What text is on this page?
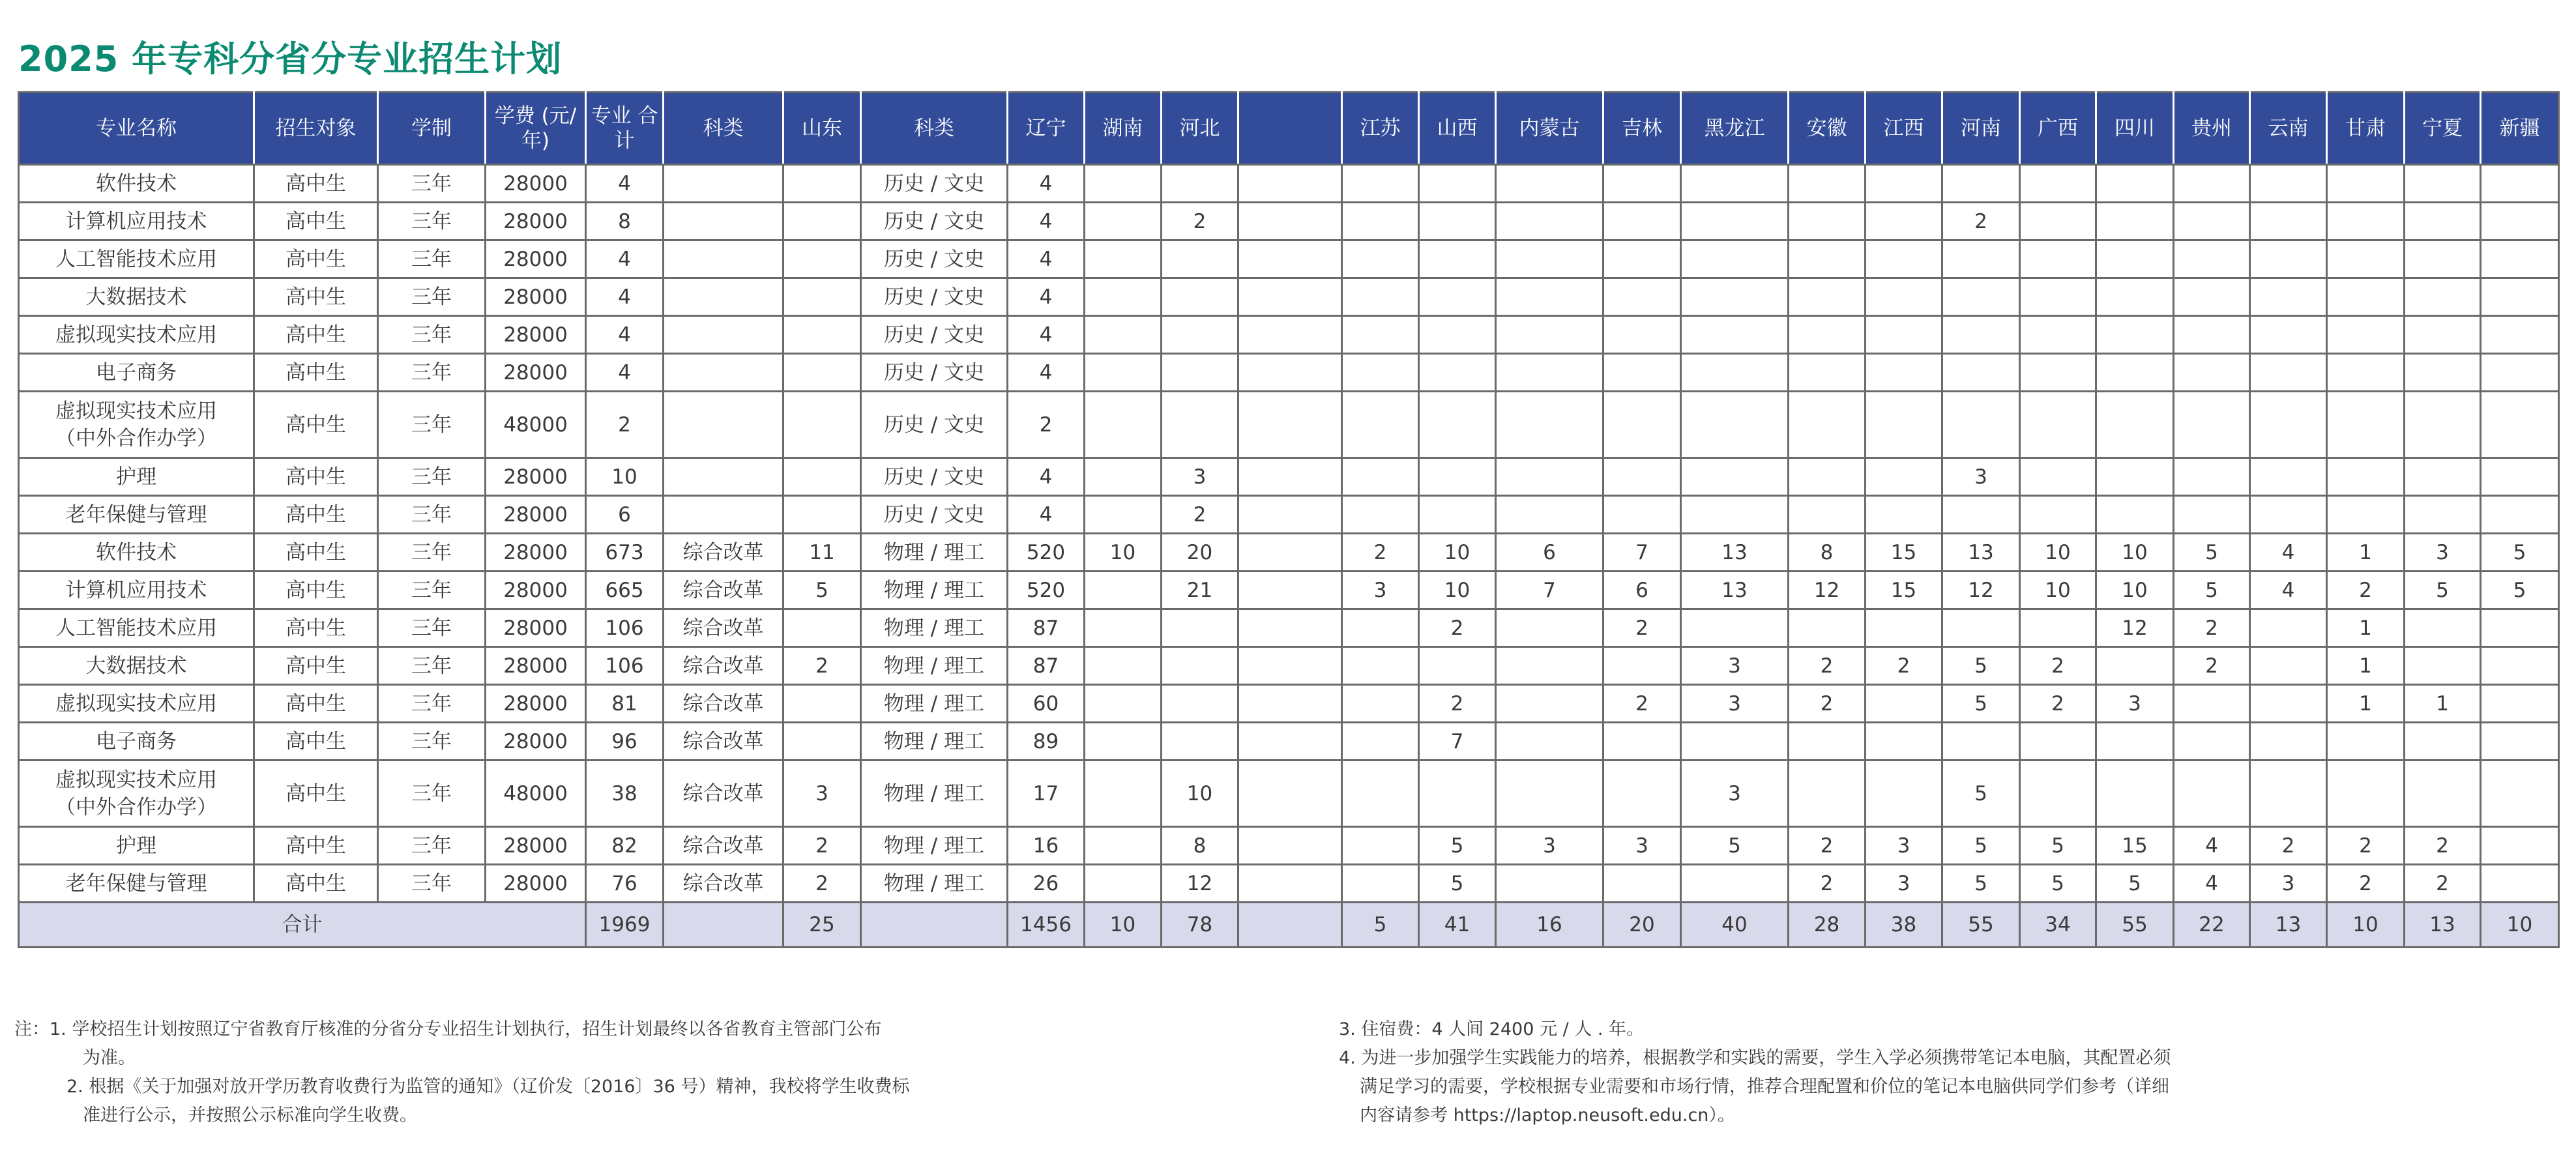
2025 年专科分省分专业招生计划
专业名称	招生对象	学制	学费 (元/年)	专业 合计	科类	山东	科类	辽宁	湖南	河北		江苏	山西	内蒙古	吉林	黑龙江	安徽	江西	河南	广西	四川	贵州	云南	甘肃	宁夏	新疆
软件技术	高中生	三年	28000	4			历史 / 文史	4																		
计算机应用技术	高中生	三年	28000	8			历史 / 文史	4		2									2							
人工智能技术应用	高中生	三年	28000	4			历史 / 文史	4																		
大数据技术	高中生	三年	28000	4			历史 / 文史	4																		
虚拟现实技术应用	高中生	三年	28000	4			历史 / 文史	4																		
电子商务	高中生	三年	28000	4			历史 / 文史	4																		
虚拟现实技术应用
（中外合作办学）	高中生	三年	48000	2			历史 / 文史	2																		
护理	高中生	三年	28000	10			历史 / 文史	4		3									3							
老年保健与管理	高中生	三年	28000	6			历史 / 文史	4		2																
软件技术	高中生	三年	28000	673	综合改革	11	物理 / 理工	520	10	20		2	10	6	7	13	8	15	13	10	10	5	4	1	3	5
计算机应用技术	高中生	三年	28000	665	综合改革	5	物理 / 理工	520		21		3	10	7	6	13	12	15	12	10	10	5	4	2	5	5
人工智能技术应用	高中生	三年	28000	106	综合改革		物理 / 理工	87					2		2						12	2		1		
大数据技术	高中生	三年	28000	106	综合改革	2	物理 / 理工	87								3	2	2	5	2		2		1		
虚拟现实技术应用	高中生	三年	28000	81	综合改革		物理 / 理工	60					2		2	3	2		5	2	3			1	1	
电子商务	高中生	三年	28000	96	综合改革		物理 / 理工	89					7													
虚拟现实技术应用
（中外合作办学）	高中生	三年	48000	38	综合改革	3	物理 / 理工	17		10						3			5							
护理	高中生	三年	28000	82	综合改革	2	物理 / 理工	16		8			5	3	3	5	2	3	5	5	15	4	2	2	2	
老年保健与管理	高中生	三年	28000	76	综合改革	2	物理 / 理工	26		12			5				2	3	5	5	5	4	3	2	2	
合计				1969		25		1456	10	78		5	41	16	20	40	28	38	55	34	55	22	13	10	13	10
注：1. 学校招生计划按照辽宁省教育厅核准的分省分专业招生计划执行，招生计划最终以各省教育主管部门公布
为准。
2. 根据《关于加强对放开学历教育收费行为监管的通知》（辽价发〔2016〕36 号）精神，我校将学生收费标
准进行公示，并按照公示标准向学生收费。
3. 住宿费：4 人间 2400 元 / 人 . 年。
4. 为进一步加强学生实践能力的培养，根据教学和实践的需要，学生入学必须携带笔记本电脑，其配置必须
满足学习的需要，学校根据专业需要和市场行情，推荐合理配置和价位的笔记本电脑供同学们参考（详细
内容请参考 https://laptop.neusoft.edu.cn）。
